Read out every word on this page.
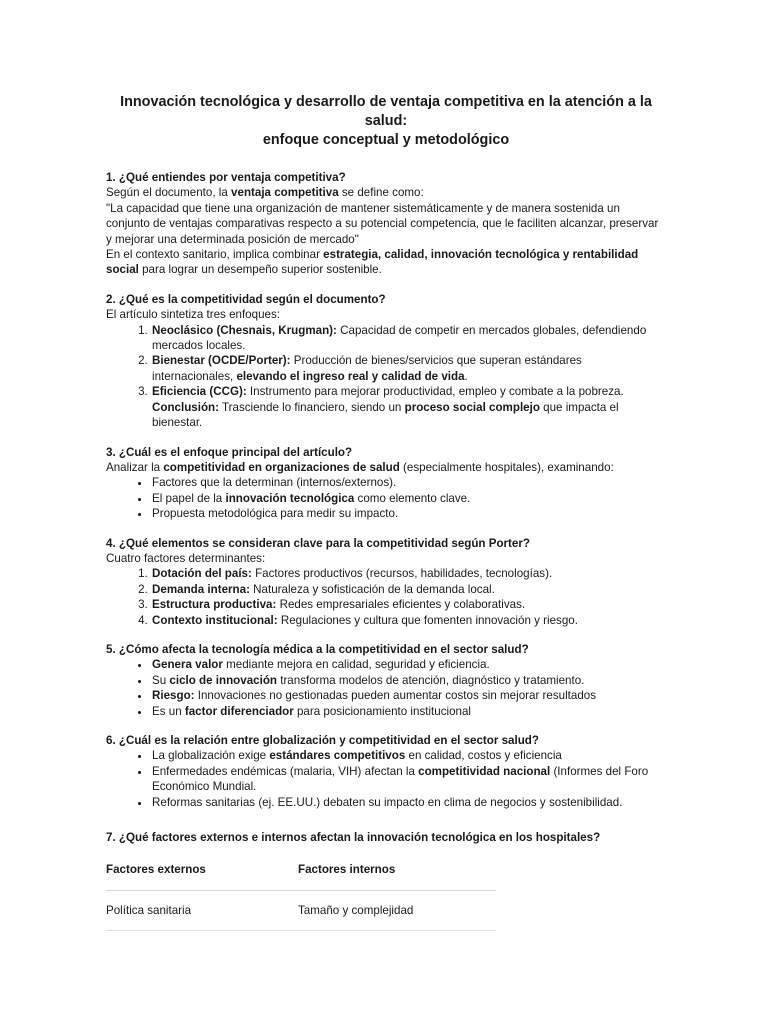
Innovación tecnológica y desarrollo de ventaja competitiva en la atención a la salud:
enfoque conceptual y metodológico

1. ¿Qué entiendes por ventaja competitiva?

Según el documento, la ventaja competitiva se define como:

"La capacidad que tiene una organización de mantener sistemáticamente y de manera sostenida un conjunto de ventajas comparativas respecto a su potencial competencia, que le faciliten alcanzar, preservar y mejorar una determinada posición de mercado"

En el contexto sanitario, implica combinar estrategia, calidad, innovación tecnológica y rentabilidad social para lograr un desempeño superior sostenible.

2. ¿Qué es la competitividad según el documento?

El artículo sintetiza tres enfoques:

1. Neoclásico (Chesnais, Krugman): Capacidad de competir en mercados globales, defendiendo mercados locales.
2. Bienestar (OCDE/Porter): Producción de bienes/servicios que superan estándares internacionales, elevando el ingreso real y calidad de vida.
3. Eficiencia (CCG): Instrumento para mejorar productividad, empleo y combate a la pobreza.

Conclusión: Trasciende lo financiero, siendo un proceso social complejo que impacta el bienestar.

3. ¿Cuál es el enfoque principal del artículo?

Analizar la competitividad en organizaciones de salud (especialmente hospitales), examinando:

• Factores que la determinan (internos/externos).
• El papel de la innovación tecnológica como elemento clave.
• Propuesta metodológica para medir su impacto.

4. ¿Qué elementos se consideran clave para la competitividad según Porter?

Cuatro factores determinantes:

1. Dotación del país: Factores productivos (recursos, habilidades, tecnologías).
2. Demanda interna: Naturaleza y sofisticación de la demanda local.
3. Estructura productiva: Redes empresariales eficientes y colaborativas.
4. Contexto institucional: Regulaciones y cultura que fomenten innovación y riesgo.

5. ¿Cómo afecta la tecnología médica a la competitividad en el sector salud?

• Genera valor mediante mejora en calidad, seguridad y eficiencia.
• Su ciclo de innovación transforma modelos de atención, diagnóstico y tratamiento.
• Riesgo: Innovaciones no gestionadas pueden aumentar costos sin mejorar resultados
• Es un factor diferenciador para posicionamiento institucional

6. ¿Cuál es la relación entre globalización y competitividad en el sector salud?

• La globalización exige estándares competitivos en calidad, costos y eficiencia
• Enfermedades endémicas (malaria, VIH) afectan la competitividad nacional (Informes del Foro Económico Mundial.
• Reformas sanitarias (ej. EE.UU.) debaten su impacto en clima de negocios y sostenibilidad.

7. ¿Qué factores externos e internos afectan la innovación tecnológica en los hospitales?

Factores externos	Factores internos
Política sanitaria	Tamaño y complejidad
